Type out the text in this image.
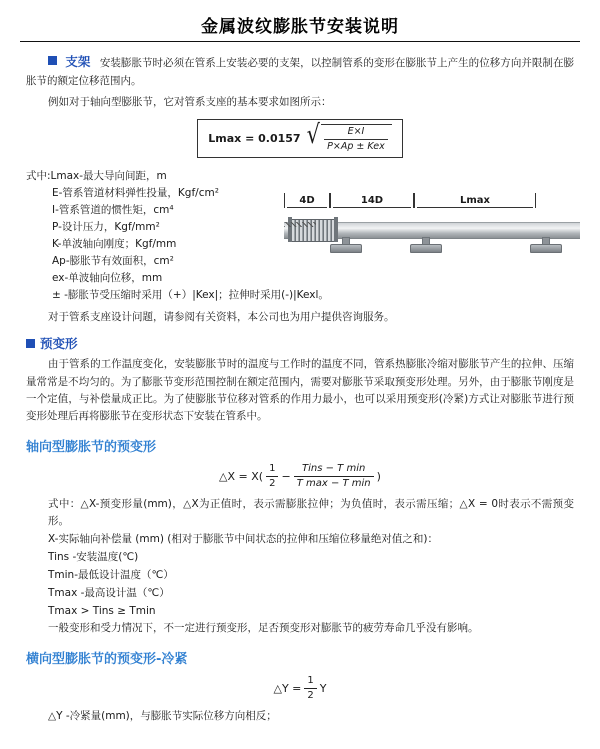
金属波纹膨胀节安装说明
支架 安装膨胀节时必须在管系上安装必要的支架，以控制管系的变形在膨胀节上产生的位移方向并限制在膨胀节的额定位移范围内。
例如对于轴向型膨胀节，它对管系支座的基本要求如图所示：
Lmax = 0.0157 √ $\frac{E\times I}{\text{P×Ap ± Kex}}$
式中:Lmax-最大导向间距，m
E-管系管道材料弹性投量，Kgf/cm²
I-管系管道的惯性矩，cm⁴
P-设计压力，Kgf/mm²
K-单波轴向刚度；Kgf/mm
Ap-膨胀节有效面积，cm²
ex-单波轴向位移，mm
± -膨胀节受压缩时采用（+）|Kex|；拉伸时采用(-)|Kexl。
4D	14D	Lmax
对于管系支座设计问题，请参阅有关资料，本公司也为用户提供咨询服务。
预变形
由于管系的工作温度变化，安装膨胀节时的温度与工作时的温度不同，管系热膨胀冷缩对膨胀节产生的拉伸、压缩量常常是不均匀的。为了膨胀节变形范围控制在额定范围内，需要对膨胀节采取预变形处理。另外，由于膨胀节刚度是一个定值，与补偿量成正比。为了使膨胀节位移对管系的作用力最小，也可以采用预变形(冷紧)方式让对膨胀节进行预变形处理后再将膨胀节在变形状态下安装在管系中。
轴向型膨胀节的预变形
△X = $X( \frac{1}{2} - \frac{\text{Tins − T min}}{\text{T max − T min}}$ )
式中：△X-预变形量(mm)，△X为正值时，表示需膨胀拉伸；为负值时，表示需压缩；△X = 0时表示不需预变形。
X-实际轴向补偿量 (mm) (相对于膨胀节中间状态的拉伸和压缩位移量绝对值之和)：
Tins -安装温度(℃)
Tmin-最低设计温度（℃）
Tmax -最高设计温（℃）
Tmax > Tins ≥ Tmin
一般变形和受力情况下，不一定进行预变形，足否预变形对膨胀节的疲劳寿命几乎没有影响。
横向型膨胀节的预变形-冷紧
△Y = $\frac{1}{2}$ Y
△Y -冷紧量(mm)，与膨胀节实际位移方向相反；
